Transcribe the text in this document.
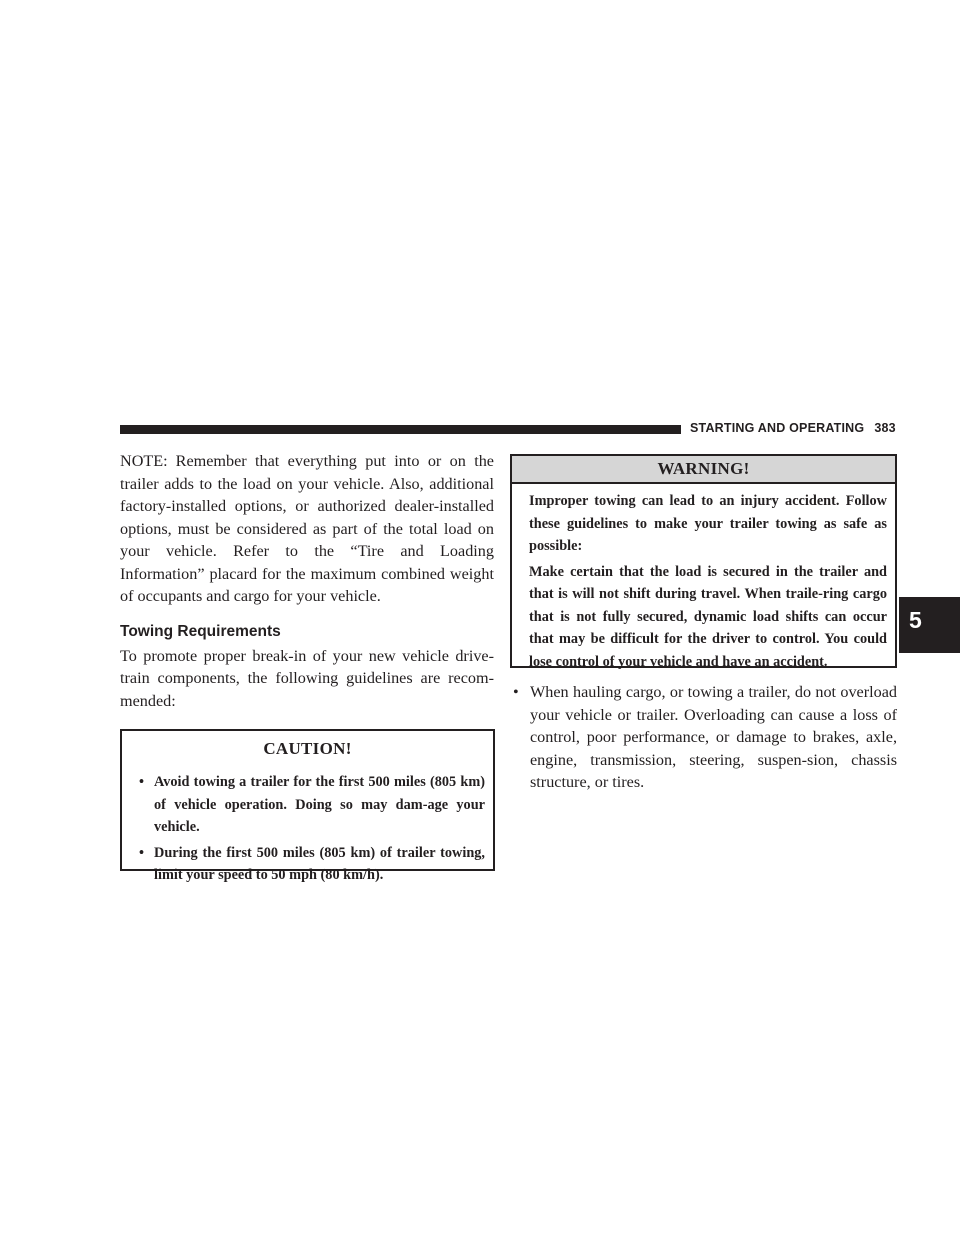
STARTING AND OPERATING 383
5

NOTE: Remember that everything put into or on the trailer adds to the load on your vehicle. Also, additional factory-installed options, or authorized dealer-installed options, must be considered as part of the total load on your vehicle. Refer to the “Tire and Loading Information” placard for the maximum combined weight of occupants and cargo for your vehicle.

Towing Requirements

To promote proper break-in of your new vehicle drive-train components, the following guidelines are recom-mended:

CAUTION!
• Avoid towing a trailer for the first 500 miles (805 km) of vehicle operation. Doing so may dam-age your vehicle.
• During the first 500 miles (805 km) of trailer towing, limit your speed to 50 mph (80 km/h).
WARNING!

Improper towing can lead to an injury accident. Follow these guidelines to make your trailer towing as safe as possible:

Make certain that the load is secured in the trailer and that is will not shift during travel. When traile-ring cargo that is not fully secured, dynamic load shifts can occur that may be difficult for the driver to control. You could lose control of your vehicle and have an accident.

• When hauling cargo, or towing a trailer, do not overload your vehicle or trailer. Overloading can cause a loss of control, poor performance, or damage to brakes, axle, engine, transmission, steering, suspen-sion, chassis structure, or tires.
